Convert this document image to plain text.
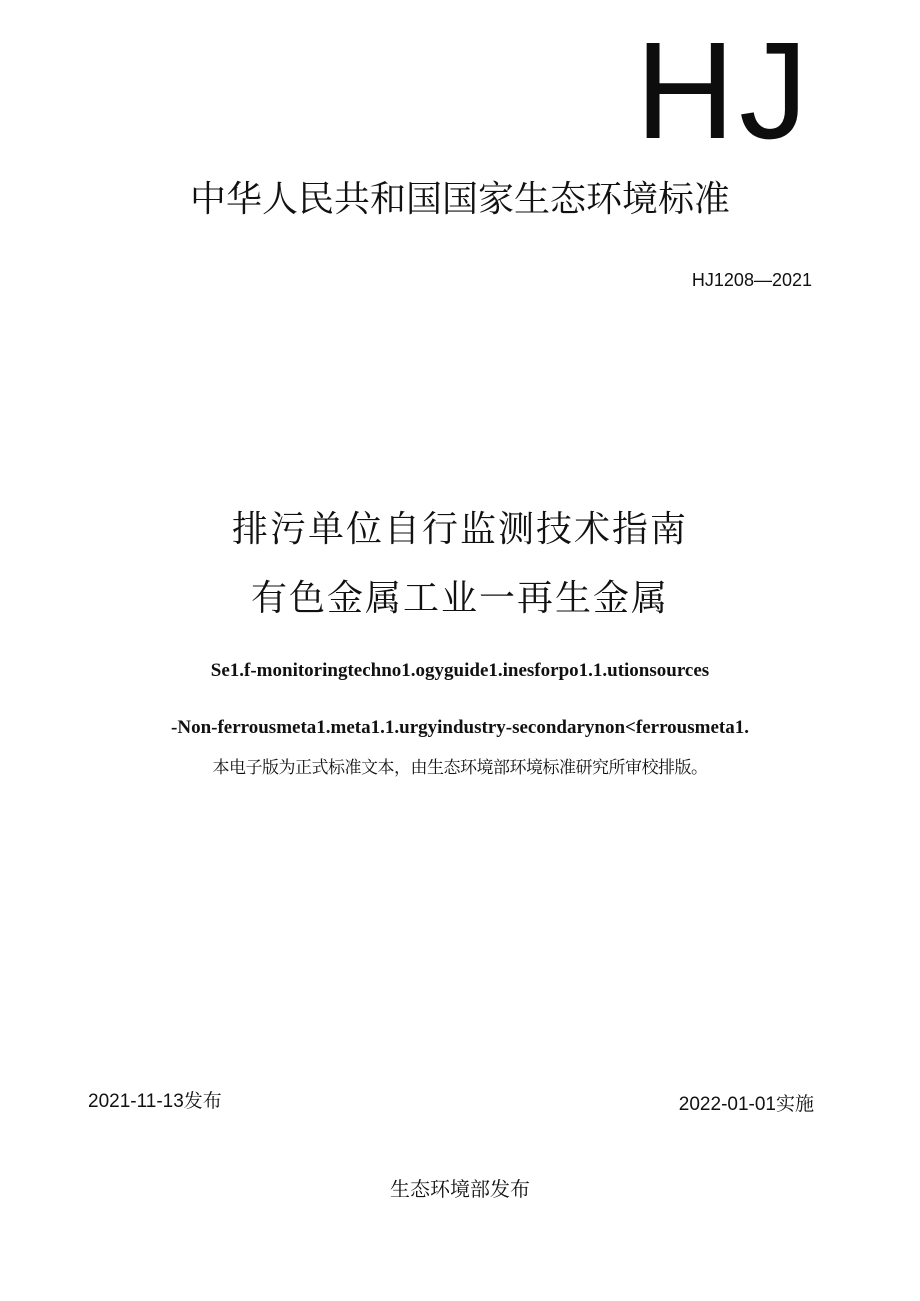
HJ
中华人民共和国国家生态环境标准
HJ1208—2021
排污单位自行监测技术指南
有色金属工业一再生金属
Se1.f-monitoringtechno1.ogyguide1.inesforpo1.1.utionsources
-Non-ferrousmeta1.meta1.1.urgyindustry-secondarynon<ferrousmeta1.
本电子版为正式标准文本，由生态环境部环境标准研究所审校排版。
2021-11-13发布	2022-01-01实施
生态环境部发布
